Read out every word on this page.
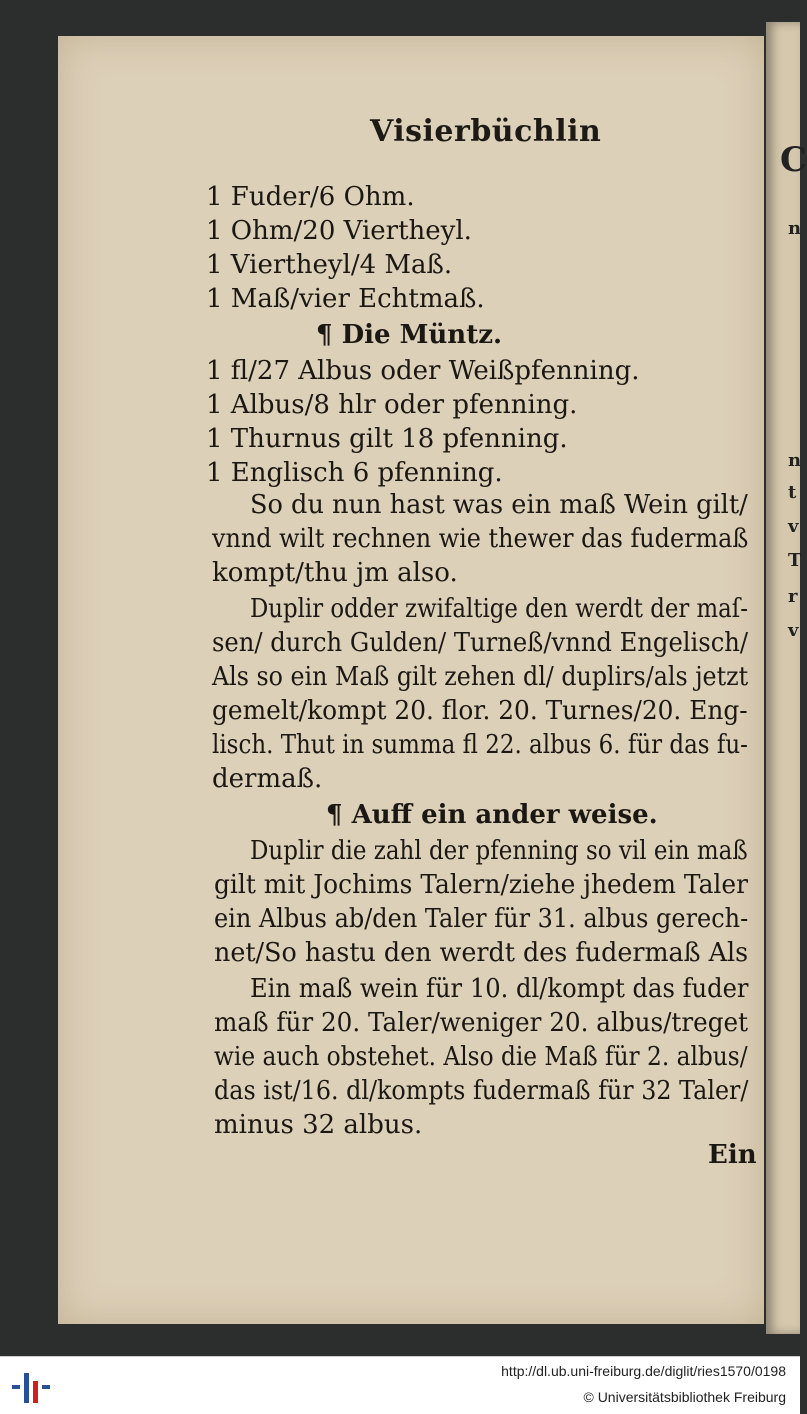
Visierbüchlin
1 Fuder/6 Ohm.
1 Ohm/20 Viertheyl.
1 Viertheyl/4 Maß.
1 Maß/vier Echtmaß.
¶ Die Müntz.
1 fl/27 Albus oder Weißpfenning.
1 Albus/8 hlr oder pfenning.
1 Thurnus gilt 18 pfenning.
1 Englisch 6 pfenning.
So du nun hast was ein maß Wein gilt/
vnnd wilt rechnen wie thewer das fudermaß
kompt/thu jm also.
Duplir odder zwifaltige den werdt der maſ-
sen/ durch Gulden/ Turneß/vnnd Engelisch/
Als so ein Maß gilt zehen dl/ duplirs/als jetzt
gemelt/kompt 20. flor. 20. Turnes/20. Eng-
lisch. Thut in summa fl 22. albus 6. für das fu-
dermaß.
¶ Auff ein ander weise.
Duplir die zahl der pfenning so vil ein maß
gilt mit Jochims Talern/ziehe jhedem Taler
ein Albus ab/den Taler für 31. albus gerech-
net/So hastu den werdt des fudermaß Als
Ein maß wein für 10. dl/kompt das fuder
maß für 20. Taler/weniger 20. albus/treget
wie auch obstehet. Also die Maß für 2. albus/
das ist/16. dl/kompts fudermaß für 32 Taler/
minus 32 albus.
Ein
C
n
n
t
v
T
r
v
http://dl.ub.uni-freiburg.de/diglit/ries1570/0198
© Universitätsbibliothek Freiburg
